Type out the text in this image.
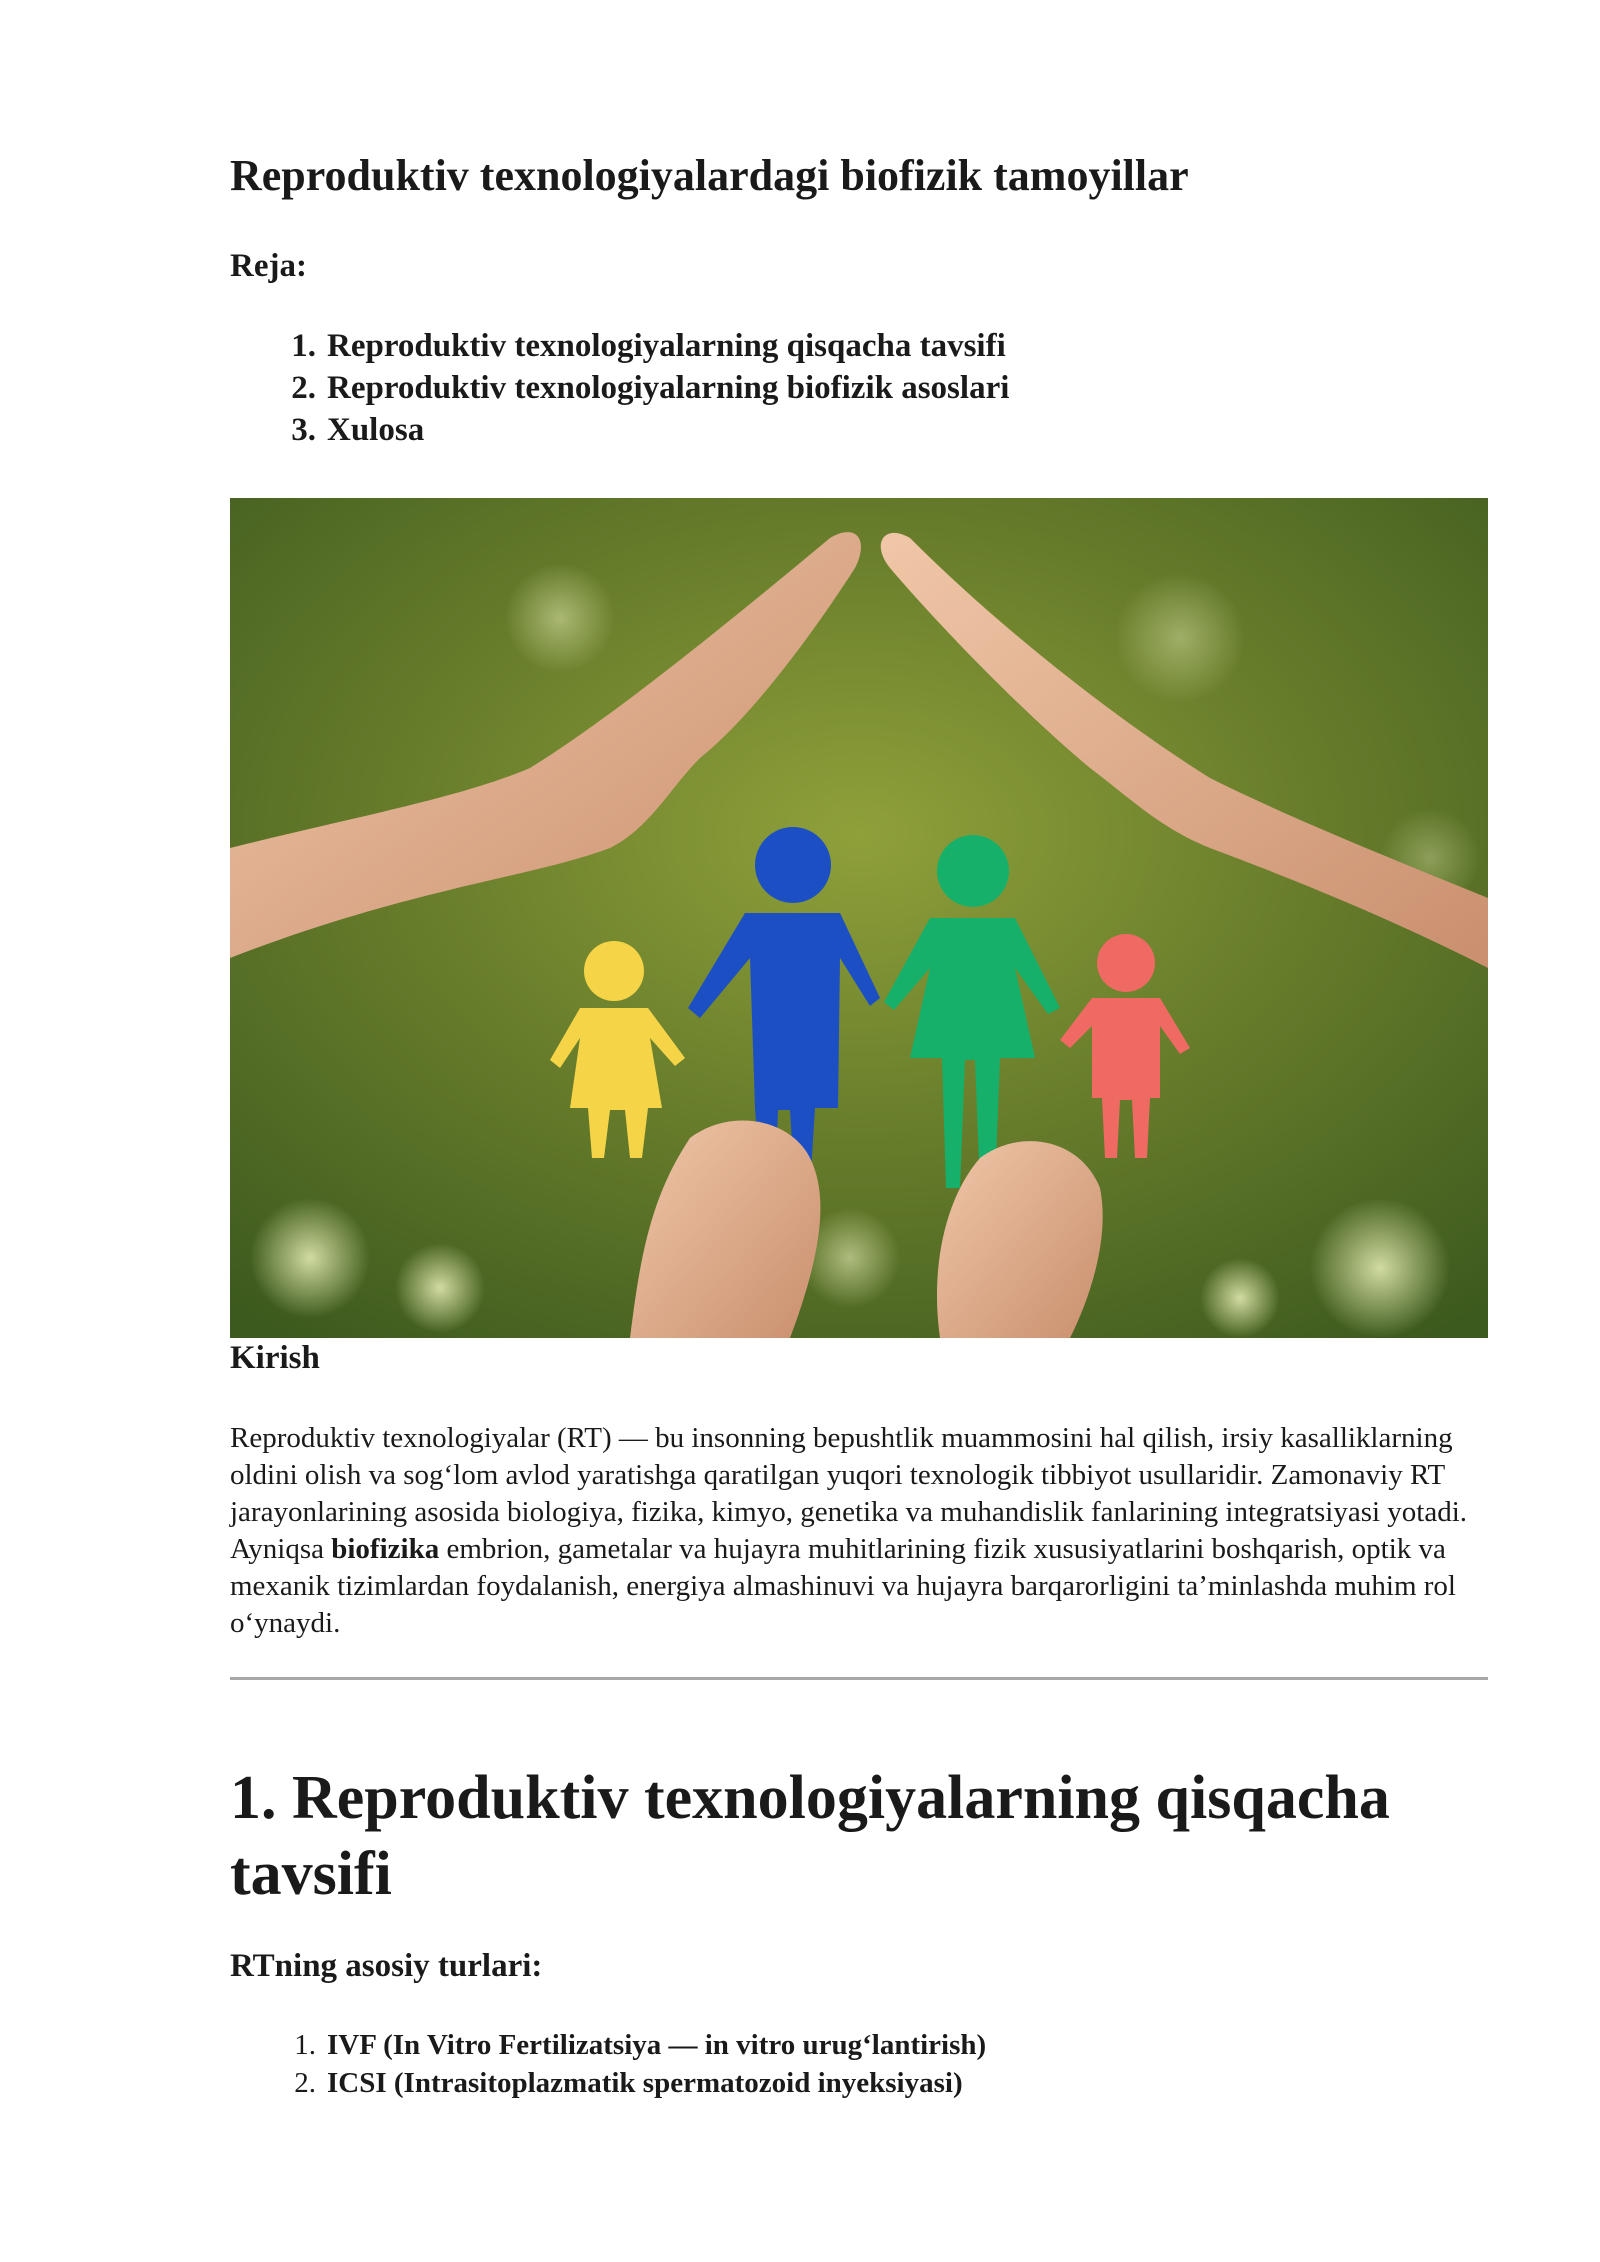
Reproduktiv texnologiyalardagi biofizik tamoyillar
Reja:
1. Reproduktiv texnologiyalarning qisqacha tavsifi
2. Reproduktiv texnologiyalarning biofizik asoslari
3. Xulosa
Kirish

Reproduktiv texnologiyalar (RT) — bu insonning bepushtlik muammosini hal qilish, irsiy kasalliklarning oldini olish va sog‘lom avlod yaratishga qaratilgan yuqori texnologik tibbiyot usullaridir. Zamonaviy RT jarayonlarining asosida biologiya, fizika, kimyo, genetika va muhandislik fanlarining integratsiyasi yotadi. Ayniqsa biofizika embrion, gametalar va hujayra muhitlarining fizik xususiyatlarini boshqarish, optik va mexanik tizimlardan foydalanish, energiya almashinuvi va hujayra barqarorligini ta’minlashda muhim rol o‘ynaydi.

1. Reproduktiv texnologiyalarning qisqacha tavsifi
RTning asosiy turlari:
1. IVF (In Vitro Fertilizatsiya — in vitro urug‘lantirish)
2. ICSI (Intrasitoplazmatik spermatozoid inyeksiyasi)
